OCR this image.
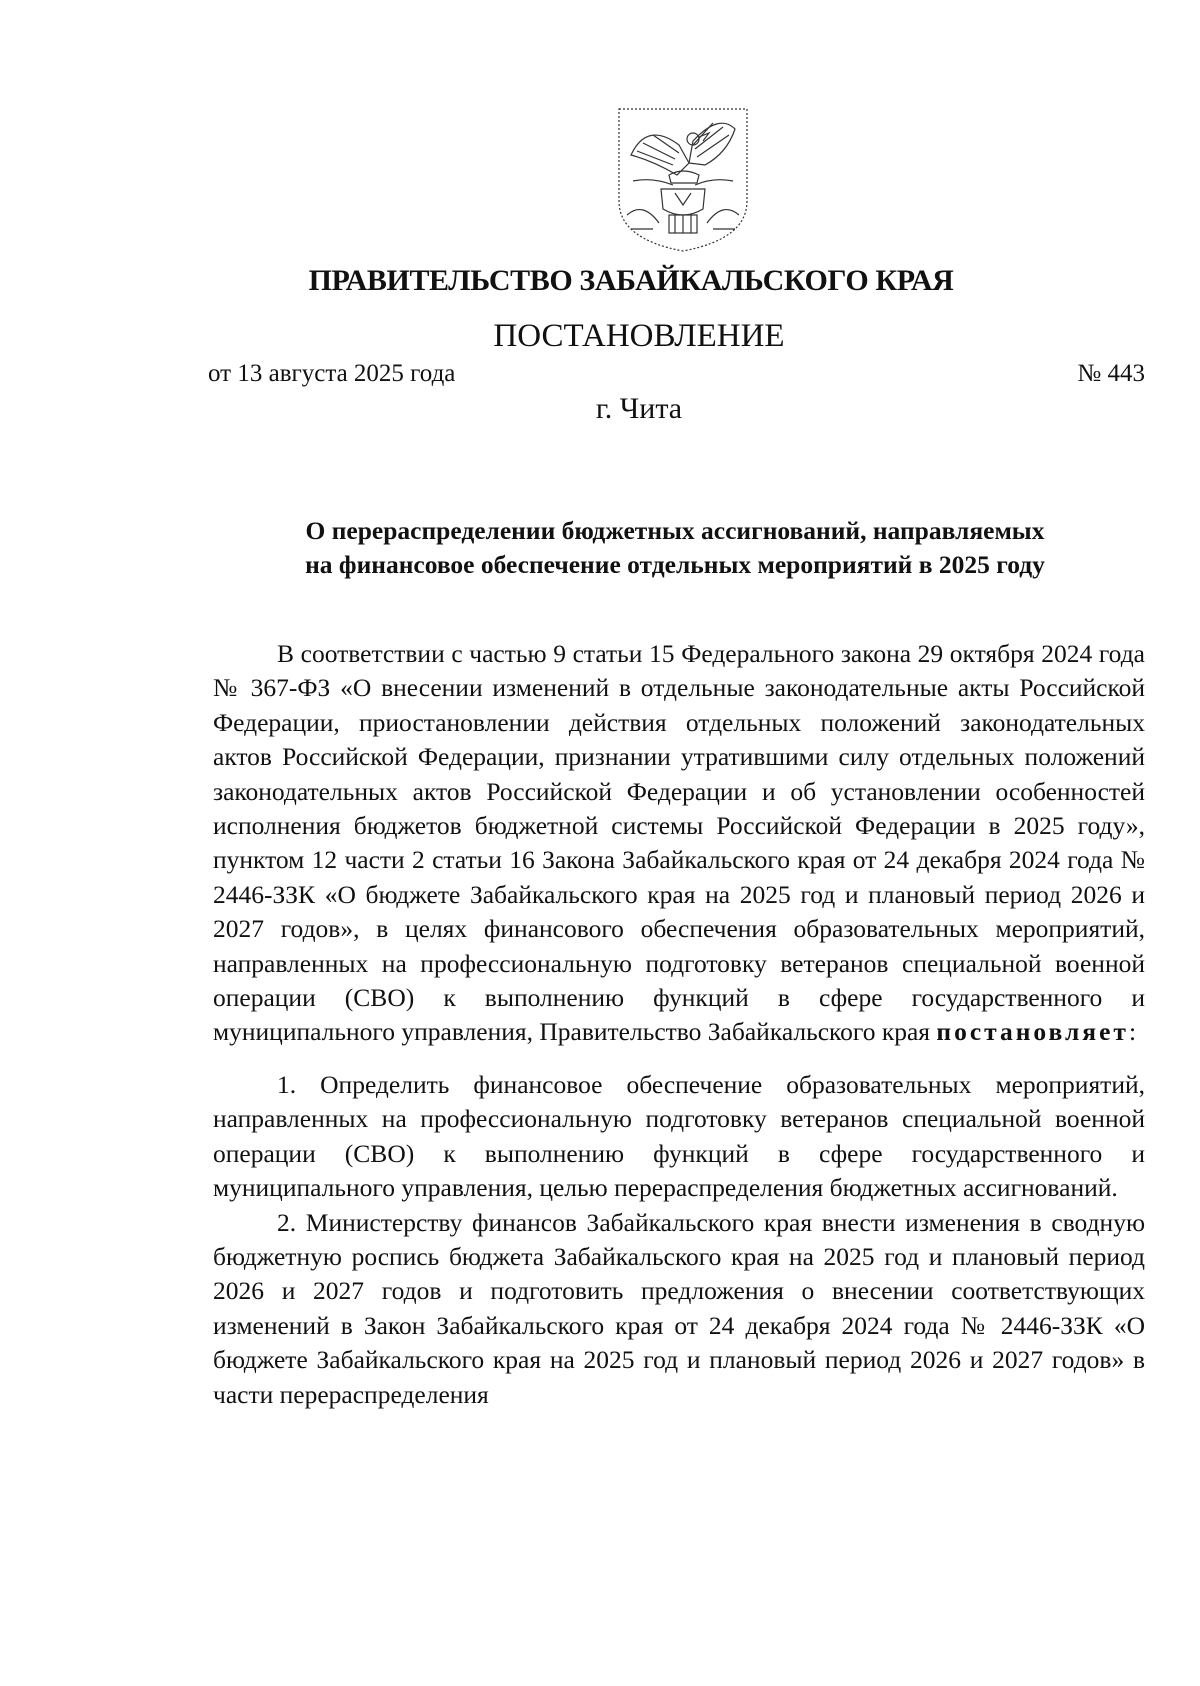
ПРАВИТЕЛЬСТВО ЗАБАЙКАЛЬСКОГО КРАЯ
ПОСТАНОВЛЕНИЕ
от 13 августа 2025 года	№ 443
г. Чита
О перераспределении бюджетных ассигнований, направляемых
на финансовое обеспечение отдельных мероприятий в 2025 году

В соответствии с частью 9 статьи 15 Федерального закона 29 октября 2024 года № 367-ФЗ «О внесении изменений в отдельные законодательные акты Российской Федерации, приостановлении действия отдельных положений законодательных актов Российской Федерации, признании утратившими силу отдельных положений законодательных актов Российской Федерации и об установлении особенностей исполнения бюджетов бюджетной системы Российской Федерации в 2025 году», пунктом 12 части 2 статьи 16 Закона Забайкальского края от 24 декабря 2024 года № 2446-ЗЗК «О бюджете Забайкальского края на 2025 год и плановый период 2026 и 2027 годов», в целях финансового обеспечения образовательных мероприятий, направленных на профессиональную подготовку ветеранов специальной военной операции (СВО) к выполнению функций в сфере государственного и муниципального управления, Правительство Забайкальского края постановляет:

1. Определить финансовое обеспечение образовательных мероприятий, направленных на профессиональную подготовку ветеранов специальной военной операции (СВО) к выполнению функций в сфере государственного и муниципального управления, целью перераспределения бюджетных ассигнований.

2. Министерству финансов Забайкальского края внести изменения в сводную бюджетную роспись бюджета Забайкальского края на 2025 год и плановый период 2026 и 2027 годов и подготовить предложения о внесении соответствующих изменений в Закон Забайкальского края от 24 декабря 2024 года № 2446-ЗЗК «О бюджете Забайкальского края на 2025 год и плановый период 2026 и 2027 годов» в части перераспределения
